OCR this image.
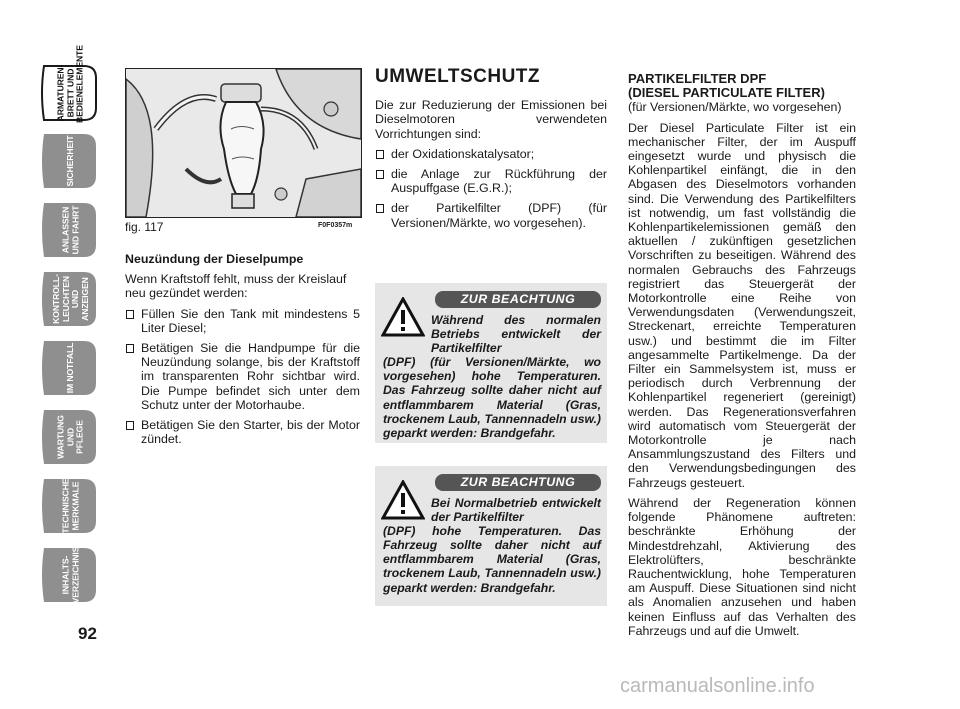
ARMATUREN-
BRETT UND
BEDIENELEMENTE
SICHERHEIT
ANLASSEN
UND FAHRT
KONTROLL-
LEUCHTEN UND
ANZEIGEN
IM NOTFALL
WARTUNG UND
PFLEGE
TECHNISCHE
MERKMALE
INHALTS-
VERZEICHNIS
92
fig. 117	F0F0357m
Neuzündung der Dieselpumpe

Wenn Kraftstoff fehlt, muss der Kreislauf neu gezündet werden:

Füllen Sie den Tank mit mindestens 5 Liter Diesel;
Betätigen Sie die Handpumpe für die Neuzündung solange, bis der Kraftstoff im transparenten Rohr sichtbar wird. Die Pumpe befindet sich unter dem Schutz unter der Motorhaube.
Betätigen Sie den Starter, bis der Motor zündet.
UMWELTSCHUTZ

Die zur Reduzierung der Emissionen bei Dieselmotoren verwendeten Vorrichtungen sind:

der Oxidationskatalysator;
die Anlage zur Rückführung der Auspuffgase (E.G.R.);
der Partikelfilter (DPF) (für Versionen/Märkte, wo vorgesehen).
ZUR BEACHTUNG
Während des normalen Betriebs entwickelt der Partikelfilter
(DPF) (für Versionen/Märkte, wo vorgesehen) hohe Temperaturen. Das Fahrzeug sollte daher nicht auf entflammbarem Material (Gras, trockenem Laub, Tannennadeln usw.) geparkt werden: Brandgefahr.
ZUR BEACHTUNG
Bei Normalbetrieb entwickelt der Partikelfilter
(DPF) hohe Temperaturen. Das Fahrzeug sollte daher nicht auf entflammbarem Material (Gras, trockenem Laub, Tannennadeln usw.) geparkt werden: Brandgefahr.
PARTIKELFILTER DPF
(DIESEL PARTICULATE FILTER)

(für Versionen/Märkte, wo vorgesehen)

Der Diesel Particulate Filter ist ein mechanischer Filter, der im Auspuff eingesetzt wurde und physisch die Kohlenpartikel einfängt, die in den Abgasen des Dieselmotors vorhanden sind. Die Verwendung des Partikelfilters ist notwendig, um fast vollständig die Kohlenpartikelemissionen gemäß den aktuellen / zukünftigen gesetzlichen Vorschriften zu beseitigen. Während des normalen Gebrauchs des Fahrzeugs registriert das Steuergerät der Motorkontrolle eine Reihe von Verwendungsdaten (Verwendungszeit, Streckenart, erreichte Temperaturen usw.) und bestimmt die im Filter angesammelte Partikelmenge. Da der Filter ein Sammelsystem ist, muss er periodisch durch Verbrennung der Kohlenpartikel regeneriert (gereinigt) werden. Das Regenerationsverfahren wird automatisch vom Steuergerät der Motorkontrolle je nach Ansammlungszustand des Filters und den Verwendungsbedingungen des Fahrzeugs gesteuert.

Während der Regeneration können folgende Phänomene auftreten: beschränkte Erhöhung der Mindestdrehzahl, Aktivierung des Elektrolüfters, beschränkte Rauchentwicklung, hohe Temperaturen am Auspuff. Diese Situationen sind nicht als Anomalien anzusehen und haben keinen Einfluss auf das Verhalten des Fahrzeugs und auf die Umwelt.

carmanualsonline.info
